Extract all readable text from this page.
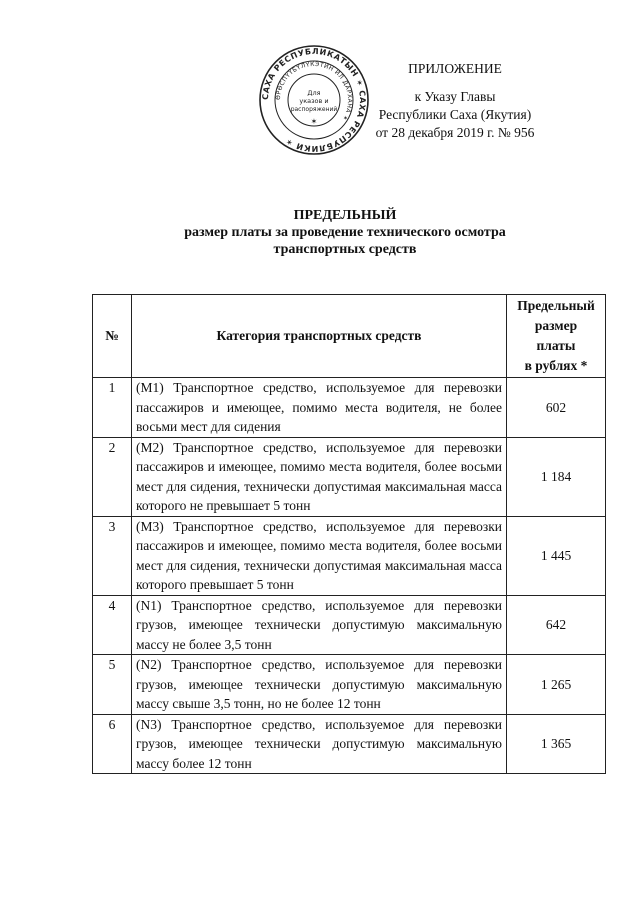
САХА РЕСПУБЛИКАТЫН ✶ САХА РЕСПУБЛИКИ ✶
ӨРӨСПҮҮБҮЛҮКЭТИН ИЛ ДАРХАНА ✶
Для
указов и
распоряжений
✶
ПРИЛОЖЕНИЕ
к Указу Главы
Республики Саха (Якутия)
от 28 декабря 2019 г. № 956
ПРЕДЕЛЬНЫЙ
размер платы за проведение технического осмотра
транспортных средств
№	Категория транспортных средств	Предельный
размер
платы
в рублях *

1	(M1) Транспортное средство, используемое для перевозки пассажиров и имеющее, помимо места водителя, не более восьми мест для сидения	602
2	(M2) Транспортное средство, используемое для перевозки пассажиров и имеющее, помимо места водителя, более восьми мест для сидения, технически допустимая максимальная масса которого не превышает 5 тонн	1 184
3	(M3) Транспортное средство, используемое для перевозки пассажиров и имеющее, помимо места водителя, более восьми мест для сидения, технически допустимая максимальная масса которого превышает 5 тонн	1 445
4	(N1) Транспортное средство, используемое для перевозки грузов, имеющее технически допустимую максимальную массу не более 3,5 тонн	642
5	(N2) Транспортное средство, используемое для перевозки грузов, имеющее технически допустимую максимальную массу свыше 3,5 тонн, но не более 12 тонн	1 265
6	(N3) Транспортное средство, используемое для перевозки грузов, имеющее технически допустимую максимальную массу более 12 тонн	1 365
